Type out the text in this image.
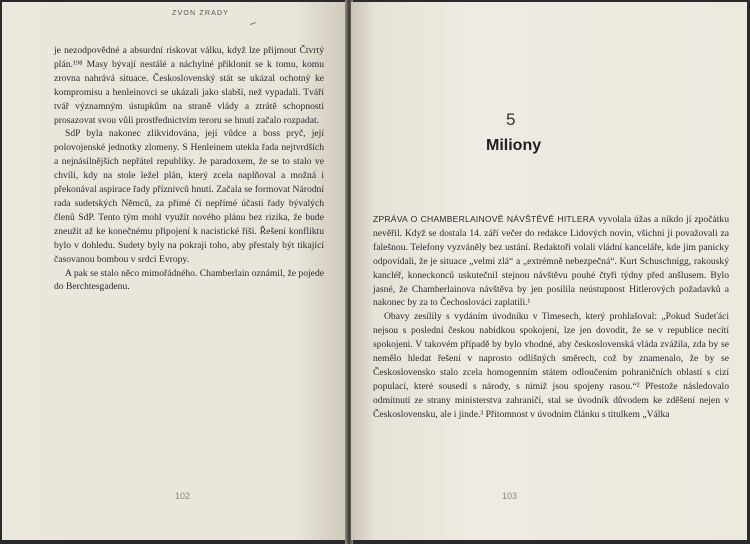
ZVON ZRADY

je nezodpovědné a absurdní riskovat válku, když lze přijmout Čtvrtý plán.¹⁹⁸ Masy bývají nestálé a náchylné přiklonit se k tomu, komu zrovna nahrává situace. Československý stát se ukázal ochotný ke kompromisu a henleinovci se ukázali jako slabší, než vypadali. Tváří tvář významným ústupkům na straně vlády a ztrátě schopnosti prosazovat svou vůli prostřednictvím teroru se hnutí začalo rozpadat.

SdP byla nakonec zlikvidována, její vůdce a boss pryč, její polovojenské jednotky zlomeny. S Henleinem utekla řada nejtvrdších a nejnásilnějších nepřátel republiky. Je paradoxem, že se to stalo ve chvíli, kdy na stole ležel plán, který zcela naplňoval a možná i překonával aspirace řady příznivců hnutí. Začala se formovat Národní rada sudetských Němců, za přímé či nepřímé účasti řady bývalých členů SdP. Tento tým mohl využít nového plánu bez rizika, že bude zneužit až ke konečnému připojení k nacistické říši. Řešení konfliktu bylo v dohledu. Sudety byly na pokraji toho, aby přestaly být tikající časovanou bombou v srdci Evropy.

A pak se stalo něco mimořádného. Chamberlain oznámil, že pojede do Berchtesgadenu.

102
5
Miliony

ZPRÁVA O CHAMBERLAINOVĚ NÁVŠTĚVĚ HITLERA vyvolala úžas a nikdo jí zpočátku nevěřil. Když se dostala 14. září večer do redakce Lidových novin, všichni ji považovali za falešnou. Telefony vyzváněly bez ustání. Redaktoři volali vládní kanceláře, kde jim panicky odpovídali, že je situace „velmi zlá“ a „extrémně nebezpečná“. Kurt Schuschnigg, rakouský kancléř, koneckonců uskutečnil stejnou návštěvu pouhé čtyři týdny před anšlusem. Bylo jasné, že Chamberlainova návštěva by jen posílila neústupnost Hitlerových požadavků a nakonec by za to Čechoslováci zaplatili.¹

Obavy zesílily s vydáním úvodníku v Timesech, který prohlašoval: „Pokud Sudeťáci nejsou s poslední českou nabídkou spokojeni, lze jen dovodit, že se v republice necítí spokojeni. V takovém případě by bylo vhodné, aby československá vláda zvážila, zda by se nemělo hledat řešení v naprosto odlišných směrech, což by znamenalo, že by se Československo stalo zcela homogenním státem odloučením pohraničních oblastí s cizí populací, které sousedí s národy, s nimiž jsou spojeny rasou.“² Přestože následovalo odmítnutí ze strany ministerstva zahraničí, stal se úvodník důvodem ke zděšení nejen v Československu, ale i jinde.³ Přítomnost v úvodním článku s titulkem „Válka

103
